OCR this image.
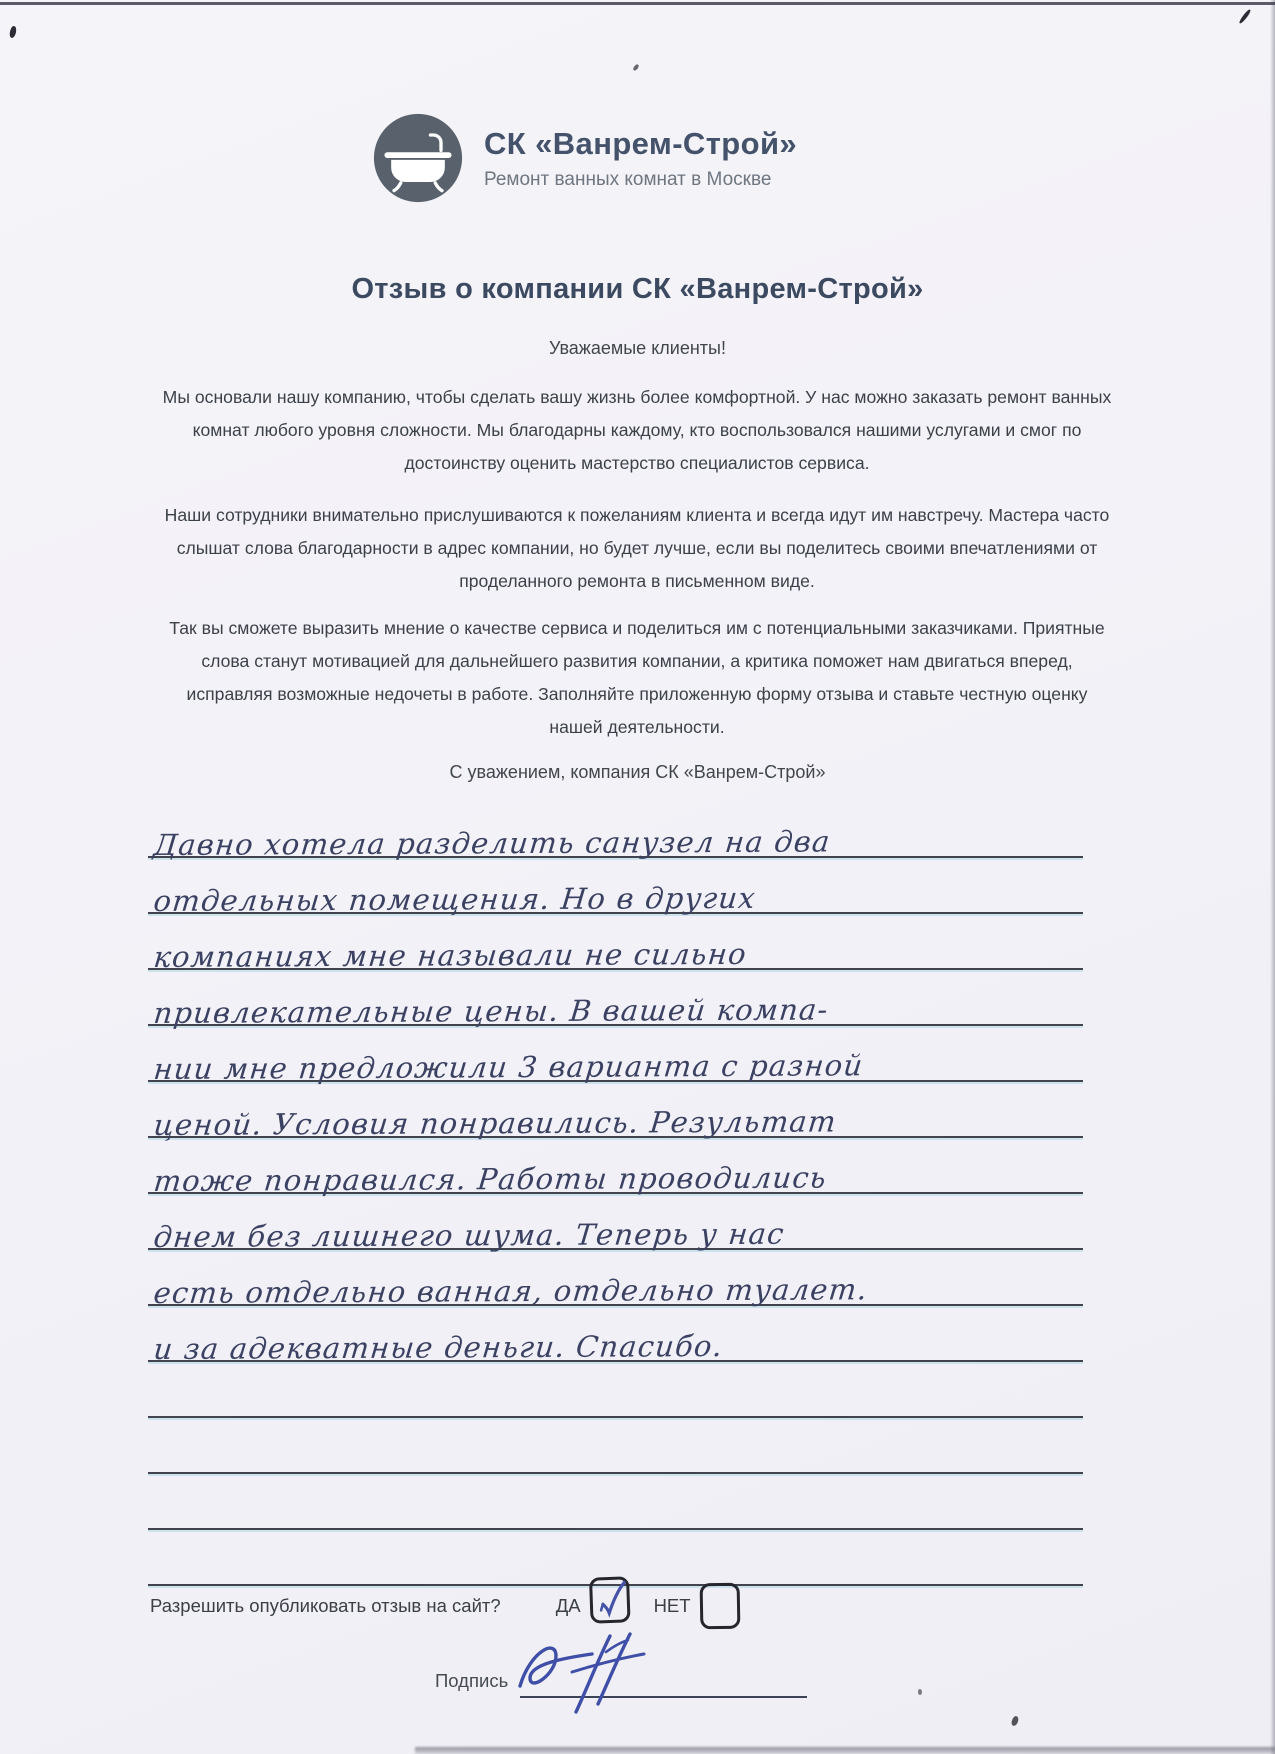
СК «Ванрем-Строй»
Ремонт ванных комнат в Москве
Отзыв о компании СК «Ванрем-Строй»
Уважаемые клиенты!
Мы основали нашу компанию, чтобы сделать вашу жизнь более комфортной. У нас можно заказать ремонт ванных комнат любого уровня сложности. Мы благодарны каждому, кто воспользовался нашими услугами и смог по достоинству оценить мастерство специалистов сервиса.
Наши сотрудники внимательно прислушиваются к пожеланиям клиента и всегда идут им навстречу. Мастера часто слышат слова благодарности в адрес компании, но будет лучше, если вы поделитесь своими впечатлениями от проделанного ремонта в письменном виде.
Так вы сможете выразить мнение о качестве сервиса и поделиться им с потенциальными заказчиками. Приятные слова станут мотивацией для дальнейшего развития компании, а критика поможет нам двигаться вперед, исправляя возможные недочеты в работе. Заполняйте приложенную форму отзыва и ставьте честную оценку нашей деятельности.
С уважением, компания СК «Ванрем-Строй»
Давно хотела разделить санузел на два
отдельных помещения. Но в других
компаниях мне называли не сильно
привлекательные цены. В вашей компа-
нии мне предложили 3 варианта с разной
ценой. Условия понравились. Результат
тоже понравился. Работы проводились
днем без лишнего шума. Теперь у нас
есть отдельно ванная, отдельно туалет.
и за адекватные деньги. Спасибо.
Разрешить опубликовать отзыв на сайт?	ДА	НЕТ
Подпись
